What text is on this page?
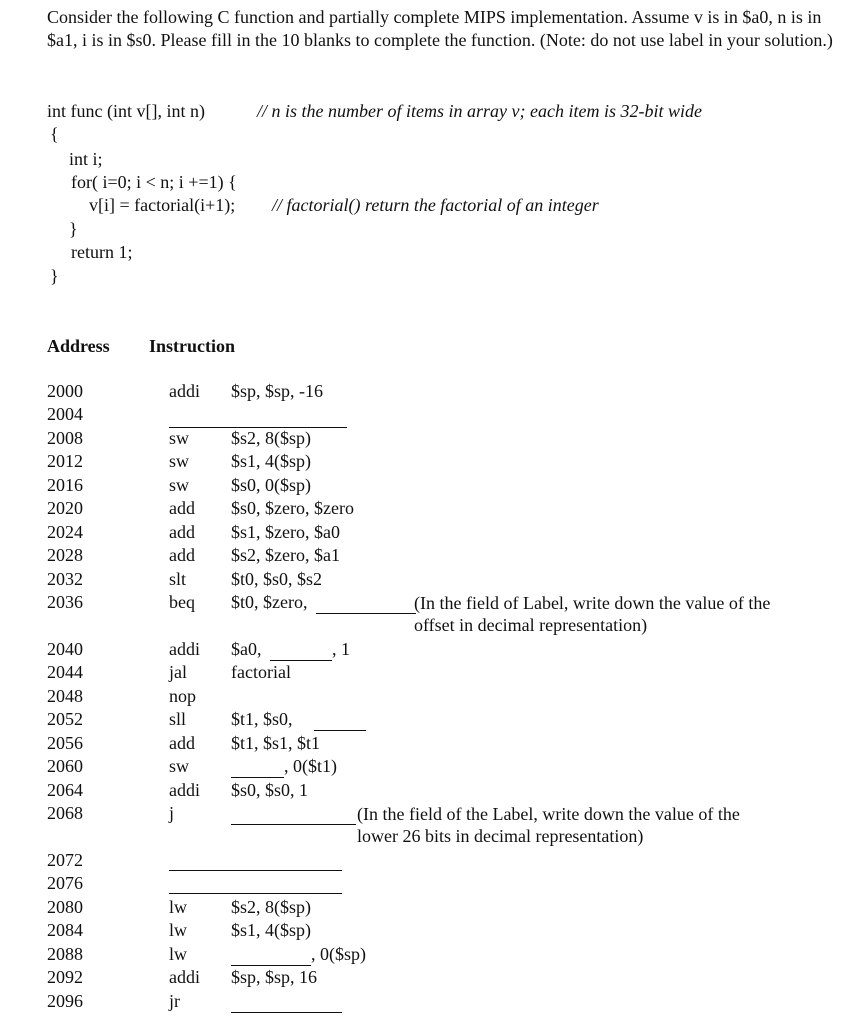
Consider the following C function and partially complete MIPS implementation. Assume v is in $a0, n is in $a1, i is in $s0. Please fill in the 10 blanks to complete the function. (Note: do not use label in your solution.)
int func (int v[], int n)	// n is the number of items in array v; each item is 32-bit wide
{
int i;
for( i=0; i < n; i +=1) {
v[i] = factorial(i+1); // factorial() return the factorial of an integer
}
return 1;
}
Address Instruction
2000	addi $sp, $sp, -16
2004
2008	sw $s2, 8($sp)
2012	sw $s1, 4($sp)
2016	sw $s0, 0($sp)
2020	add $s0, $zero, $zero
2024	add $s1, $zero, $a0
2028	add $s2, $zero, $a1
2032	slt $t0, $s0, $s2
2036	beq $t0, $zero,	(In the field of Label, write down the value of the offset in decimal representation)
2040	addi $a0,	, 1
2044	jal factorial
2048	nop
2052	sll $t1, $s0,
2056	add $t1, $s1, $t1
2060	sw	, 0($t1)
2064	addi $s0, $s0, 1
2068	j	(In the field of the Label, write down the value of the lower 26 bits in decimal representation)
2072
2076
2080	lw $s2, 8($sp)
2084	lw $s1, 4($sp)
2088	lw	, 0($sp)
2092	addi $sp, $sp, 16
2096	jr
